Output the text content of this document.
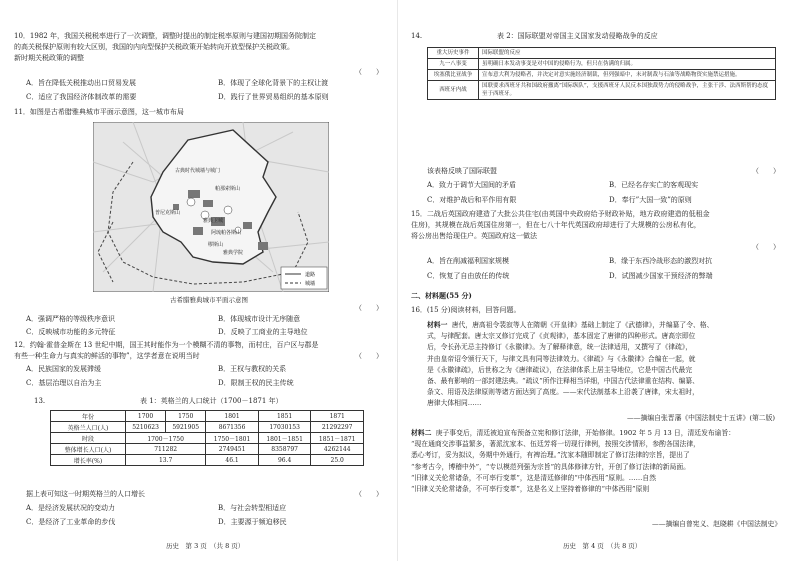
10．1982 年，我国关税税率进行了一次调整，调整时提出的制定税率原则与建国初期国务院制定
的高关税保护原则有较大区别，我国的内向型保护关税政策开始转向开放型保护关税政策。
新时期关税政策的调整
（　　）
A．旨在降低关税推动出口贸易发展	B．体现了全球化背景下的主权让渡
C．适应了我国经济体制改革的需要	D．践行了世界贸易组织的基本原则
11．如图是古希腊雅典城市平面示意图，这一城市布局
古典时代城墙与城门
帕那索斯山
雅典卫城
阿琉帕各斯山
缪斯山
普尼克斯山
雅典学院
道路
城墙
古希腊雅典城市平面示意图
（　　）
A．强调严格的等级秩序意识	B．体现城市设计无序随意
C．反映城市功能的多元特征	D．反映了工商业的主导地位
12．约翰·霍普金斯在 13 世纪中期，国王其时能作为一个模糊不清的事物，而村庄，百户区与郡是
有些一种生命力与真实的鲜活的事物”，这学者意在说明当时	（　　）
A．民族国家的发展滞缓	B．王权与教权的关系
C．基层治理以自治为主	D．限制王权的民主传统
13.	表 1：英格兰的人口统计（1700－1871 年）
年份	1700	1750	1801	1851	1871
英格兰人口(人)	5210623	5921905	8671356	17030153	21292297
时段	1700－1750		1750－1801	1801－1851	1851－1871
整体增长人口(人)	711282		2749451	8358797	4262144
增长率(%)	13.7		46.1	96.4	25.0
据上表可知这一时期英格兰的人口增长	（　　）
A．是经济发展状况的变动力	B．与社会转型相适应
C．是经济了工业革命的步伐	D．主要源于频迫移民
历史　第 3 页　（共 8 页）
14.	表 2：国际联盟对帝国主义国家发动侵略战争的反应
重大历史事件	国际联盟的反应
九一八事变	虽明确日本发动事变是对中国的侵略行为，但只在伪满的归属。
埃塞俄比亚战争	宣布意大利为侵略者，并决定对意实施经济制裁，但列强暗中，未对制裁与石油等战略物资实施禁运措施。
西班牙内战	国联要求西班牙共和国政府撤离”国际纵队”，支援西班牙人民反本国独裁势力的侵略战争，主张干涉、法西斯帮的态度至于西班牙。
该表格反映了国际联盟	（　　）
A．致力于调节大国间的矛盾	B．已经名存实亡的客观现实
C．对维护战后和平作用有限	D．奉行”大国一致”的原则
15．二战后英国政府建造了大批公共住宅(由英国中央政府给予财政补贴，地方政府建造的低租金
住房)，其规模在战后英国住房第一，但在七八十年代英国政府却进行了大规模的公房私有化，
将公房出售给现住户。英国政府这一做法
（　　）
A．旨在削减福利国家规模	B．缘于东西冷战形态的激烈对抗
C．恢复了自由放任的传统	D．试图减少国家干预经济的弊端
二、材料题(55 分)
16．(15 分)阅读材料，回答问题。
材料一 唐代，唐高祖令裴寂等人在隋朝《开皇律》基础上制定了《武德律》，并编纂了令、格、
式，与律配套。唐太宗又修订完成了《贞观律》，基本固定了唐律的四种形式。唐高宗即位
后，令长孙无忌主持修订《永徽律》。为了解释律意，统一法律适用，又撰写了《律疏》，
并由皇帝诏令颁行天下，与律文具有同等法律效力。《律疏》与《永徽律》合编在一起，就
是《永徽律疏》，后世称之为《唐律疏议》，在法律体系上居主导地位，它是中国古代最完
备、最有影响的一部封建法典。“疏议”所作注释相当详细，中国古代法律重在结构、编纂、
条文、用语及法律原则等诸方面达到了高度。——宋代法制基本上沿袭了唐律，宋太祖时，
唐律大体相同……
——摘编自张晋藩《中国法制史十五讲》(第二版)
材料二 庚子事变后，清廷被迫宣布预备立宪和修订法律，开始修律。1902 年 5 月 13 日，清廷发布谕旨：
“现在通商交涉事益繁多，著派沈家本、伍廷芳将一切现行律例，按照交涉情形，参酌各国法律，
悉心考订，妥为拟议，务期中外通行，有裨治理。”沈家本随即制定了修订法律的宗旨，提出了
“参考古今，博稽中外”，“专以模范列强为宗旨”的具体修律方针，开创了修订法律的新局面。
“旧律义关伦常诸条，不可率行变革”，这是清廷修律的“中体西用”原则。……自然
“旧律义关伦常诸条，不可率行变革”，这是名义上坚持着修律的“中体西用”原则
——摘编自曾宪义、赵晓耕《中国法制史》
历史　第 4 页　（共 8 页）
